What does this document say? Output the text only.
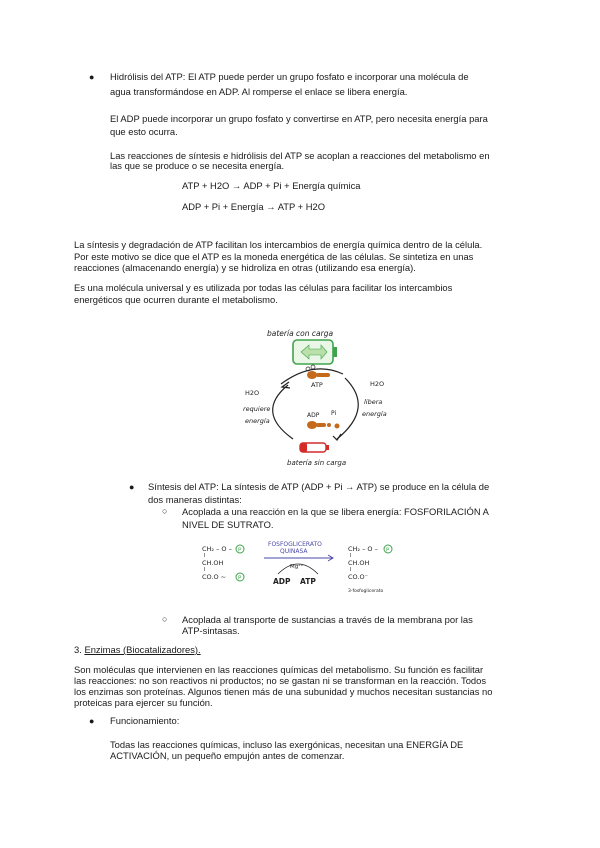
● Hidrólisis del ATP: El ATP puede perder un grupo fosfato e incorporar una molécula de
agua transformándose en ADP. Al romperse el enlace se libera energía.
El ADP puede incorporar un grupo fosfato y convertirse en ATP, pero necesita energía para
que esto ocurra.
Las reacciones de síntesis e hidrólisis del ATP se acoplan a reacciones del metabolismo en
las que se produce o se necesita energía.
ATP + H2O → ADP + Pi + Energía química
ADP + Pi + Energía → ATP + H2O
La síntesis y degradación de ATP facilitan los intercambios de energía química dentro de la célula.
Por este motivo se dice que el ATP es la moneda energética de las células. Se sintetiza en unas
reacciones (almacenando energía) y se hidroliza en otras (utilizando esa energía).
Es una molécula universal y es utilizada por todas las células para facilitar los intercambios
energéticos que ocurren durante el metabolismo.
batería con carga
ATP
H2O
requiere
energía
H2O
libera
energía
ADP Pi
batería sin carga
● Síntesis del ATP: La síntesis de ATP (ADP + Pi → ATP) se produce en la célula de
dos maneras distintas:
○ Acoplada a una reacción en la que se libera energía: FOSFORILACIÓN A
NIVEL DE SUTRATO.
CH₂ – O –
I
CH.OH
I
CO.O ~
P
P
FOSFOGLICERATO
QUINASA
Mg²⁺
ADP ATP
CH₂ – O –
I
CH.OH
I
CO.O⁻
P
3-fosfoglicerato
○ Acoplada al transporte de sustancias a través de la membrana por las
ATP-sintasas.
3. Enzimas (Biocatalizadores).
Son moléculas que intervienen en las reacciones químicas del metabolismo. Su función es facilitar
las reacciones: no son reactivos ni productos; no se gastan ni se transforman en la reacción. Todos
los enzimas son proteínas. Algunos tienen más de una subunidad y muchos necesitan sustancias no
proteicas para ejercer su función.
● Funcionamiento:
Todas las reacciones químicas, incluso las exergónicas, necesitan una ENERGÍA DE
ACTIVACIÓN, un pequeño empujón antes de comenzar.
